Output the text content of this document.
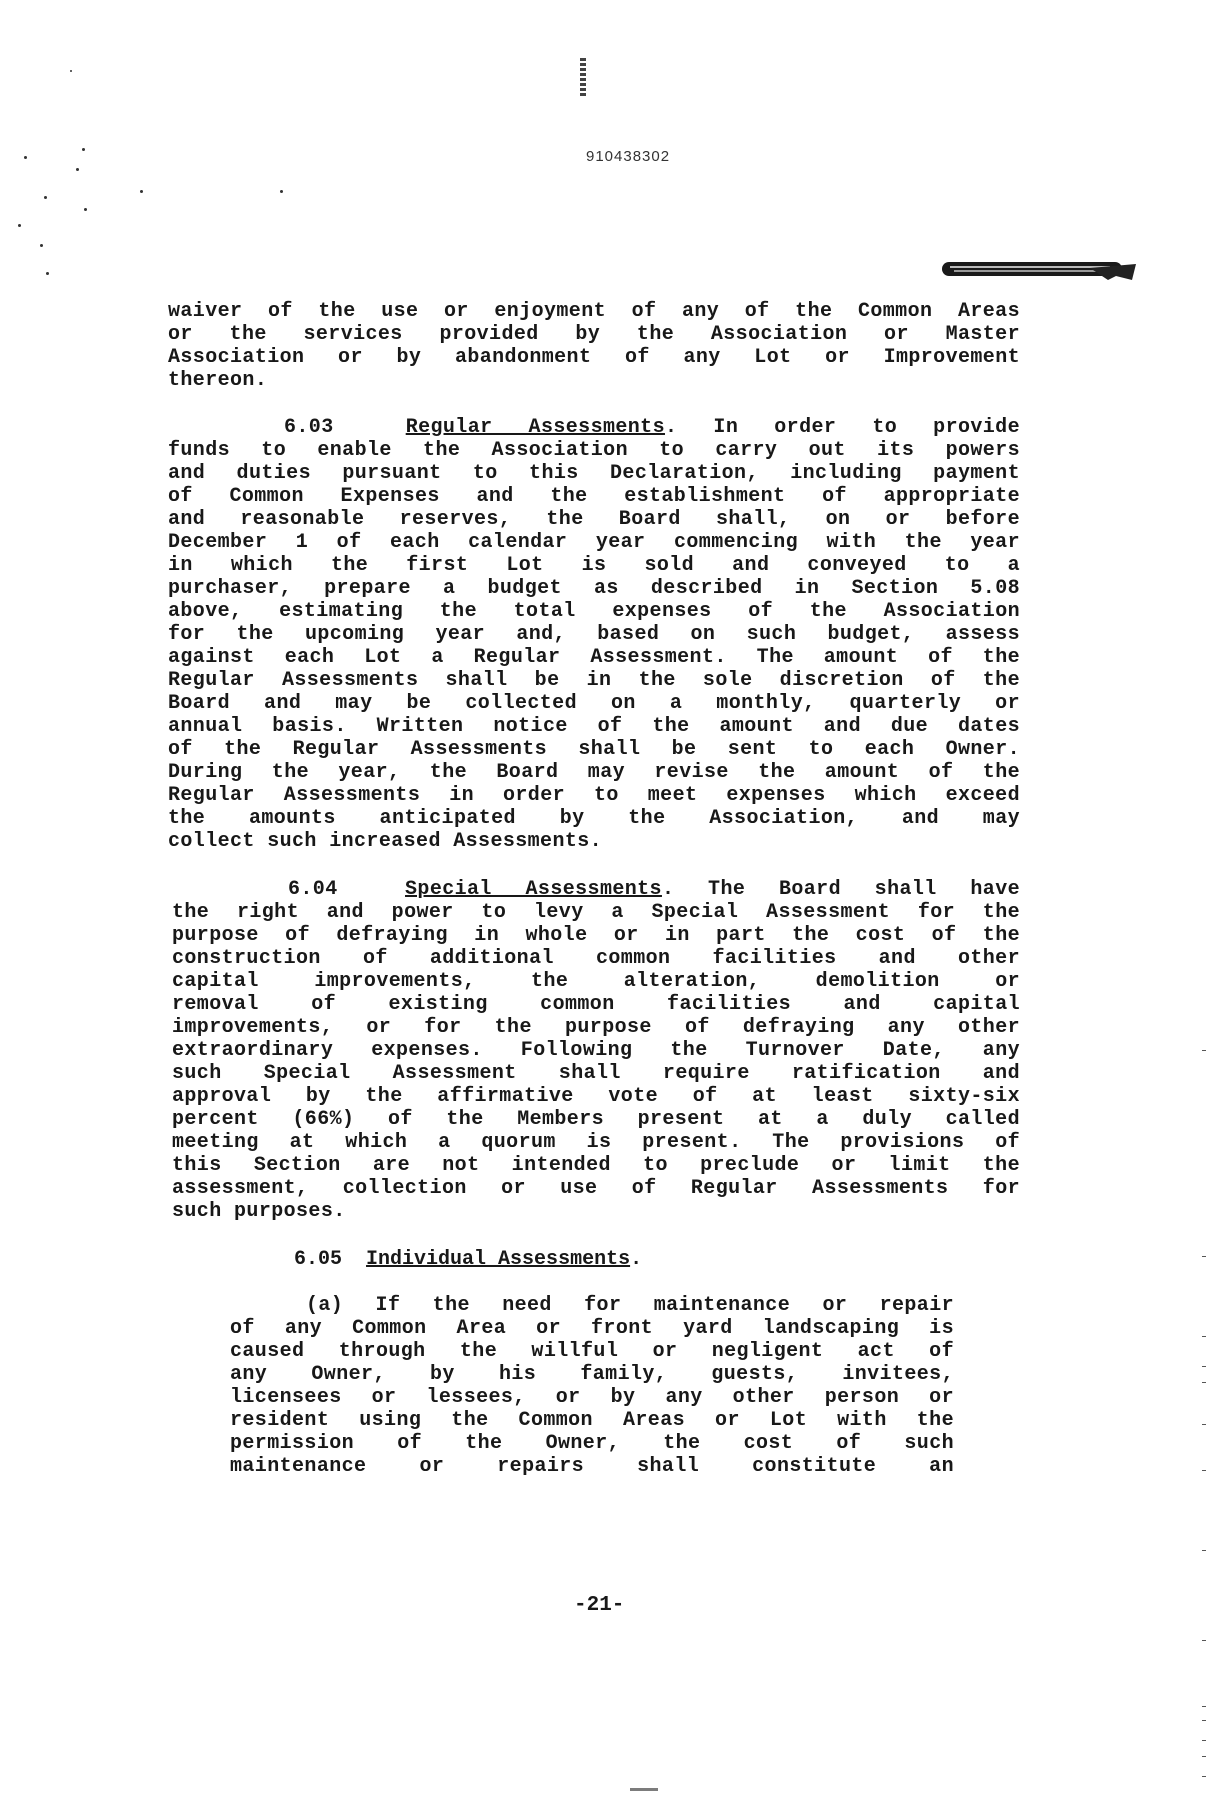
910438302
waiver of the use or enjoyment of any of the Common Areas
or the services provided by the Association or Master
Association or by abandonment of any Lot or Improvement
thereon.
6.03	Regular Assessments. In order to provide
funds to enable the Association to carry out its powers
and duties pursuant to this Declaration, including payment
of Common Expenses and the establishment of appropriate
and reasonable reserves, the Board shall, on or before
December 1 of each calendar year commencing with the year
in which the first Lot is sold and conveyed to a
purchaser, prepare a budget as described in Section 5.08
above, estimating the total expenses of the Association
for the upcoming year and, based on such budget, assess
against each Lot a Regular Assessment. The amount of the
Regular Assessments shall be in the sole discretion of the
Board and may be collected on a monthly, quarterly or
annual basis. Written notice of the amount and due dates
of the Regular Assessments shall be sent to each Owner.
During the year, the Board may revise the amount of the
Regular Assessments in order to meet expenses which exceed
the amounts anticipated by the Association, and may
collect such increased Assessments.
6.04	Special Assessments. The Board shall have
the right and power to levy a Special Assessment for the
purpose of defraying in whole or in part the cost of the
construction of additional common facilities and other
capital improvements, the alteration, demolition or
removal of existing common facilities and capital
improvements, or for the purpose of defraying any other
extraordinary expenses. Following the Turnover Date, any
such Special Assessment shall require ratification and
approval by the affirmative vote of at least sixty-six
percent (66%) of the Members present at a duly called
meeting at which a quorum is present. The provisions of
this Section are not intended to preclude or limit the
assessment, collection or use of Regular Assessments for
such purposes.
6.05 Individual Assessments.
(a) If the need for maintenance or repair
of any Common Area or front yard landscaping is
caused through the willful or negligent act of
any Owner, by his family, guests, invitees,
licensees or lessees, or by any other person or
resident using the Common Areas or Lot with the
permission of the Owner, the cost of such
maintenance or repairs shall constitute an
-21-
